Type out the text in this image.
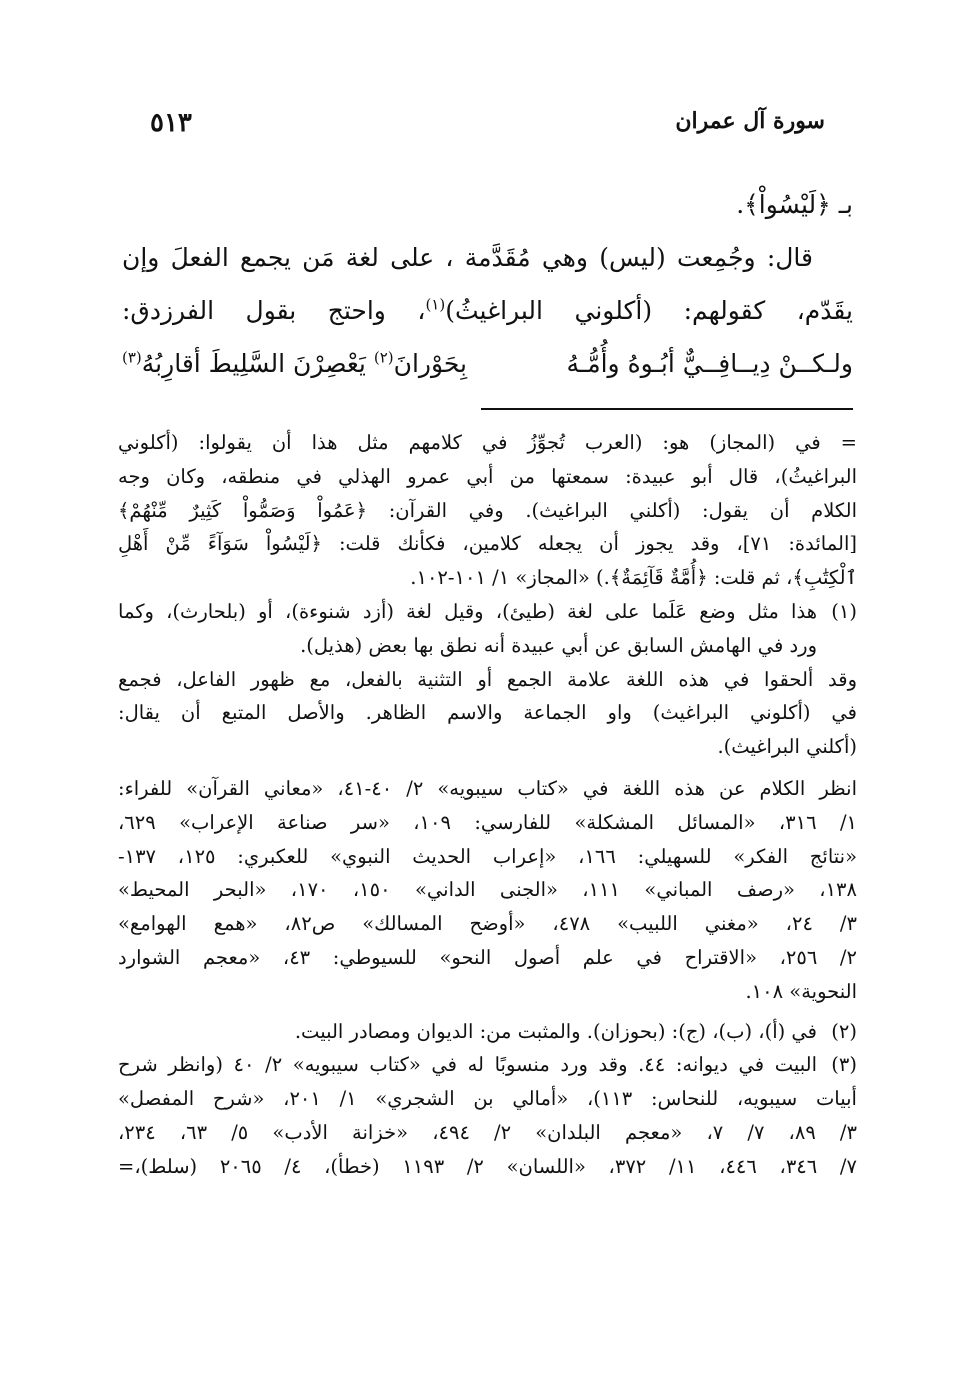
سورة آل عمران
٥١٣
بـ ﴿لَيْسُواْ﴾.
قال: وجُمِعت (ليس) وهي مُقَدَّمة ، على لغة مَن يجمع الفعلَ وإن
يقَدّم، كقولهم: (أكلوني البراغيثُ)$^{(١)}$، واحتج بقول الفرزدق:
ولـكــنْ دِيــافِــيٌّ أبُـوهُ وأُمُّـهُ
بِحَوْرانَ$^{(٢)}$ يَعْصِرْنَ السَّلِيطَ أقارِبُهُ$^{(٣)}$
= في (المجاز) هو: (العرب تُجوِّزُ في كلامهم مثل هذا أن يقولوا: (أكلوني
البراغيثُ)، قال أبو عبيدة: سمعتها من أبي عمرو الهذلي في منطقه، وكان وجه
الكلام أن يقول: (أكلني البراغيث). وفي القرآن: ﴿عَمُواْ وَصَمُّواْ كَثِيرٌ مِّنْهُمْ﴾
[المائدة: ٧١]، وقد يجوز أن يجعله كلامين، فكأنك قلت: ﴿لَيْسُواْ سَوَآءً مِّنْ أَهْلِ
ٱلْكِتَٰبِ﴾، ثم قلت: ﴿أُمَّةٌ قَآئِمَةٌ﴾.) «المجاز» ١/ ١٠١-١٠٢.
(١)
هذا مثل وضع عَلَما على لغة (طيئ)، وقيل لغة (أزد شنوءة)، أو (بلحارث)، وكما
ورد في الهامش السابق عن أبي عبيدة أنه نطق بها بعض (هذيل).
وقد ألحقوا في هذه اللغة علامة الجمع أو التثنية بالفعل، مع ظهور الفاعل، فجمع
في (أكلوني البراغيث) واو الجماعة والاسم الظاهر. والأصل المتبع أن يقال:
(أكلني البراغيث).
انظر الكلام عن هذه اللغة في «كتاب سيبويه» ٢/ ٤٠-٤١، «معاني القرآن» للفراء:
١/ ٣١٦، «المسائل المشكلة» للفارسي: ١٠٩، «سر صناعة الإعراب» ٦٢٩،
«نتائج الفكر» للسهيلي: ١٦٦، «إعراب الحديث النبوي» للعكبري: ١٢٥، ١٣٧-
١٣٨، «رصف المباني» ١١١، «الجنى الداني» ١٥٠، ١٧٠، «البحر المحيط»
٣/ ٢٤، «مغني اللبيب» ٤٧٨، «أوضح المسالك» ص٨٢، «همع الهوامع»
٢/ ٢٥٦، «الاقتراح في علم أصول النحو» للسيوطي: ٤٣، «معجم الشوارد
النحوية» ١٠٨.
(٢)
في (أ)، (ب)، (ج): (بحوزان). والمثبت من: الديوان ومصادر البيت.
(٣)
البيت في ديوانه: ٤٤. وقد ورد منسوبًا له في «كتاب سيبويه» ٢/ ٤٠ (وانظر شرح
أبيات سيبويه، للنحاس: ١١٣)، «أمالي بن الشجري» ١/ ٢٠١، «شرح المفصل»
٣/ ٨٩، ٧/ ٧، «معجم البلدان» ٢/ ٤٩٤، «خزانة الأدب» ٥/ ٦٣، ٢٣٤،
٧/ ٣٤٦، ٤٤٦، ١١/ ٣٧٢، «اللسان» ٢/ ١١٩٣ (خطأ)، ٤/ ٢٠٦٥ (سلط)،=
